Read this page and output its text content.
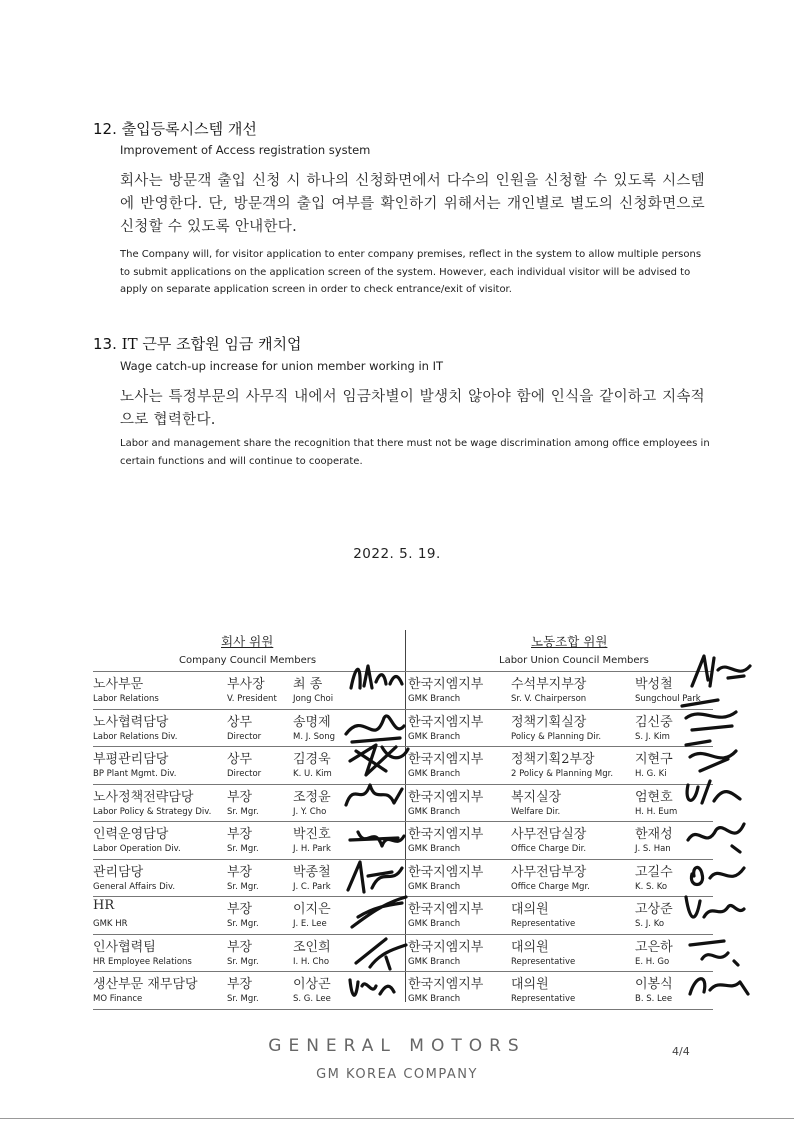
12. 출입등록시스템 개선
Improvement of Access registration system
회사는 방문객 출입 신청 시 하나의 신청화면에서 다수의 인원을 신청할 수 있도록 시스템에 반영한다. 단, 방문객의 출입 여부를 확인하기 위해서는 개인별로 별도의 신청화면으로 신청할 수 있도록 안내한다.
The Company will, for visitor application to enter company premises, reflect in the system to allow multiple persons to submit applications on the application screen of the system. However, each individual visitor will be advised to apply on separate application screen in order to check entrance/exit of visitor.
13. IT 근무 조합원 임금 캐치업
Wage catch-up increase for union member working in IT
노사는 특정부문의 사무직 내에서 임금차별이 발생치 않아야 함에 인식을 같이하고 지속적으로 협력한다.
Labor and management share the recognition that there must not be wage discrimination among office employees in certain functions and will continue to cooperate.
2022. 5. 19.
회사 위원
Company Council Members
노동조합 위원
Labor Union Council Members
노사부문
Labor Relations
부사장
V. President
최 종
Jong Choi
한국지엠지부
GMK Branch
수석부지부장
Sr. V. Chairperson
박성철
Sungchoul Park
노사협력담당
Labor Relations Div.
상무
Director
송명제
M. J. Song
한국지엠지부
GMK Branch
정책기획실장
Policy & Planning Dir.
김신중
S. J. Kim
부평관리담당
BP Plant Mgmt. Div.
상무
Director
김경욱
K. U. Kim
한국지엠지부
GMK Branch
정책기획2부장
2 Policy & Planning Mgr.
지현구
H. G. Ki
노사정책전략담당
Labor Policy & Strategy Div.
부장
Sr. Mgr.
조정윤
J. Y. Cho
한국지엠지부
GMK Branch
복지실장
Welfare Dir.
엄현호
H. H. Eum
인력운영담당
Labor Operation Div.
부장
Sr. Mgr.
박진호
J. H. Park
한국지엠지부
GMK Branch
사무전담실장
Office Charge Dir.
한재성
J. S. Han
관리담당
General Affairs Div.
부장
Sr. Mgr.
박종철
J. C. Park
한국지엠지부
GMK Branch
사무전담부장
Office Charge Mgr.
고길수
K. S. Ko
HR
GMK HR
부장
Sr. Mgr.
이지은
J. E. Lee
한국지엠지부
GMK Branch
대의원
Representative
고상준
S. J. Ko
인사협력팀
HR Employee Relations
부장
Sr. Mgr.
조인희
I. H. Cho
한국지엠지부
GMK Branch
대의원
Representative
고은하
E. H. Go
생산부문 재무담당
MO Finance
부장
Sr. Mgr.
이상곤
S. G. Lee
한국지엠지부
GMK Branch
대의원
Representative
이봉식
B. S. Lee
GENERAL MOTORS
GM KOREA COMPANY
4/4
